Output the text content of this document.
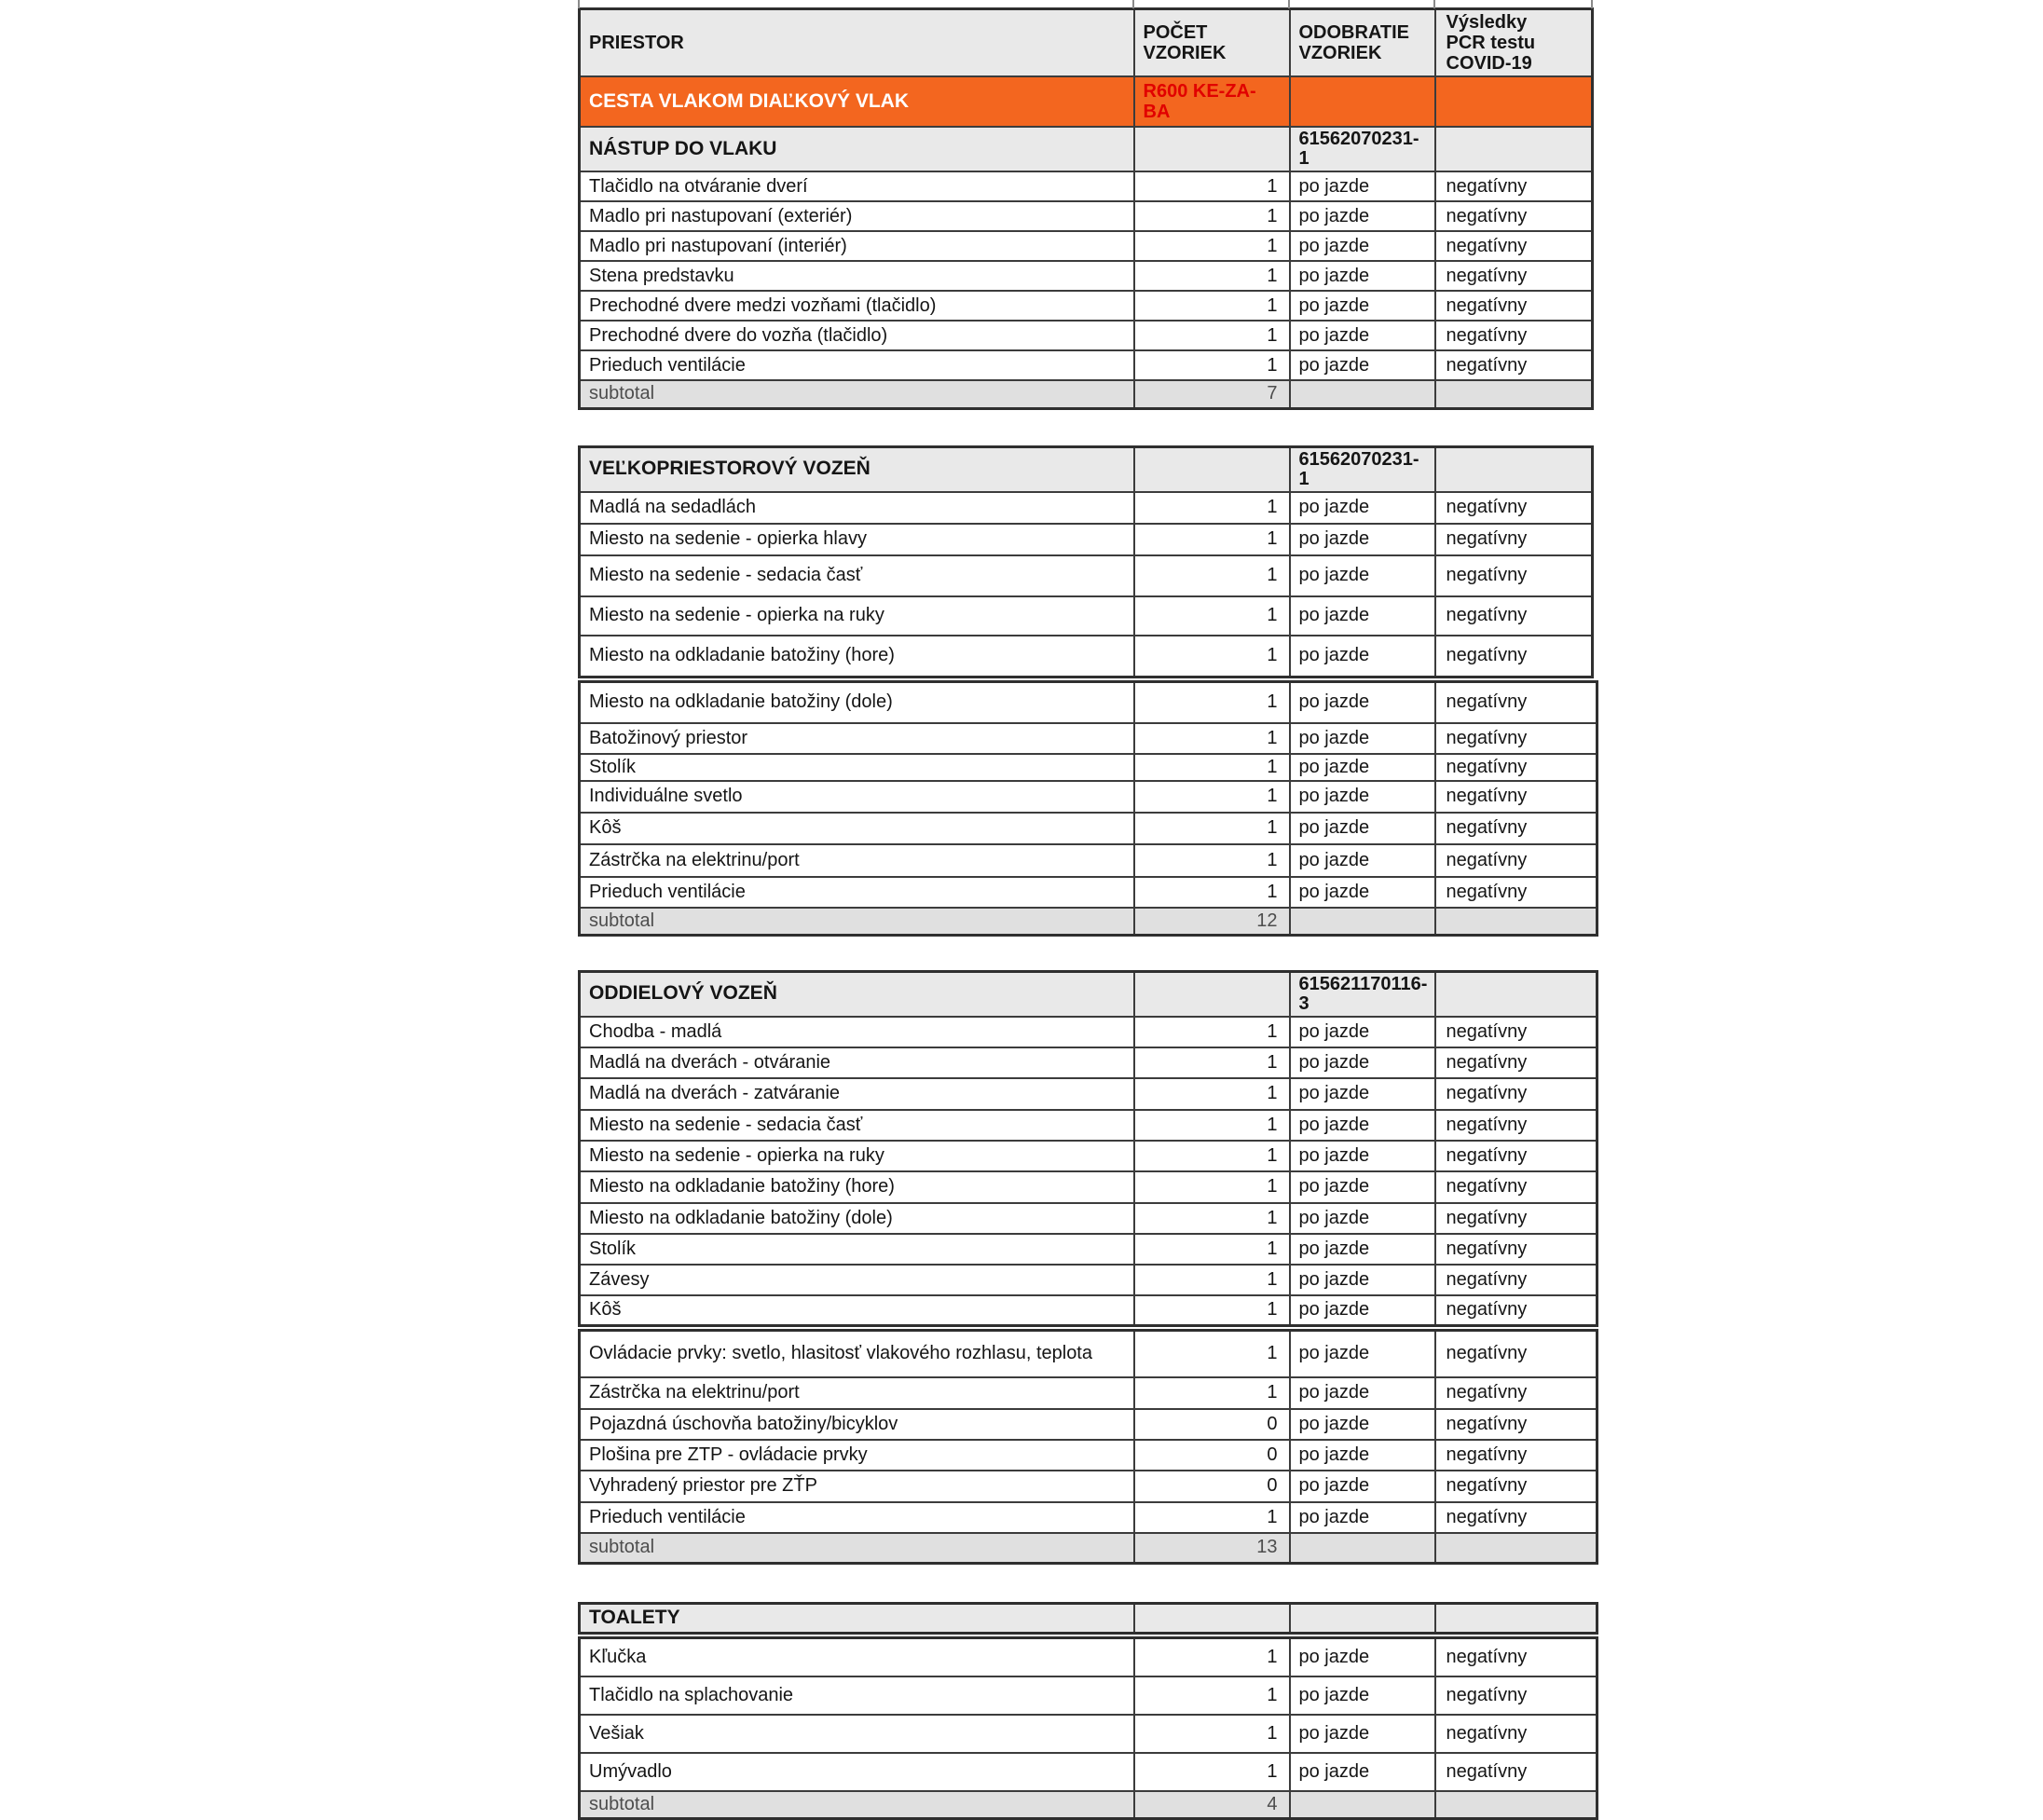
PRIESTOR	POČET VZORIEK	ODOBRATIE VZORIEK	Výsledky PCR testu COVID-19
CESTA VLAKOM DIAĽKOVÝ VLAK	R600 KE-ZA-BA		
NÁSTUP DO VLAKU		61562070231-1	
Tlačidlo na otváranie dverí	1	po jazde	negatívny
Madlo pri nastupovaní (exteriér)	1	po jazde	negatívny
Madlo pri nastupovaní (interiér)	1	po jazde	negatívny
Stena predstavku	1	po jazde	negatívny
Prechodné dvere medzi vozňami (tlačidlo)	1	po jazde	negatívny
Prechodné dvere do vozňa (tlačidlo)	1	po jazde	negatívny
Prieduch ventilácie	1	po jazde	negatívny
subtotal	7		
VEĽKOPRIESTOROVÝ VOZEŇ		61562070231-1	
Madlá na sedadlách	1	po jazde	negatívny
Miesto na sedenie - opierka hlavy	1	po jazde	negatívny
Miesto na sedenie - sedacia časť	1	po jazde	negatívny
Miesto na sedenie - opierka na ruky	1	po jazde	negatívny
Miesto na odkladanie batožiny (hore)	1	po jazde	negatívny
Miesto na odkladanie batožiny (dole)	1	po jazde	negatívny
Batožinový priestor	1	po jazde	negatívny
Stolík	1	po jazde	negatívny
Individuálne svetlo	1	po jazde	negatívny
Kôš	1	po jazde	negatívny
Zástrčka na elektrinu/port	1	po jazde	negatívny
Prieduch ventilácie	1	po jazde	negatívny
subtotal	12		
ODDIELOVÝ VOZEŇ		615621170116-3	
Chodba - madlá	1	po jazde	negatívny
Madlá na dverách - otváranie	1	po jazde	negatívny
Madlá na dverách - zatváranie	1	po jazde	negatívny
Miesto na sedenie - sedacia časť	1	po jazde	negatívny
Miesto na sedenie - opierka na ruky	1	po jazde	negatívny
Miesto na odkladanie batožiny (hore)	1	po jazde	negatívny
Miesto na odkladanie batožiny (dole)	1	po jazde	negatívny
Stolík	1	po jazde	negatívny
Závesy	1	po jazde	negatívny
Kôš	1	po jazde	negatívny
Ovládacie prvky: svetlo, hlasitosť vlakového rozhlasu, teplota	1	po jazde	negatívny
Zástrčka na elektrinu/port	1	po jazde	negatívny
Pojazdná úschovňa batožiny/bicyklov	0	po jazde	negatívny
Plošina pre ZTP - ovládacie prvky	0	po jazde	negatívny
Vyhradený priestor pre ZŤP	0	po jazde	negatívny
Prieduch ventilácie	1	po jazde	negatívny
subtotal	13		
TOALETY			
Kľučka	1	po jazde	negatívny
Tlačidlo na splachovanie	1	po jazde	negatívny
Vešiak	1	po jazde	negatívny
Umývadlo	1	po jazde	negatívny
subtotal	4		
